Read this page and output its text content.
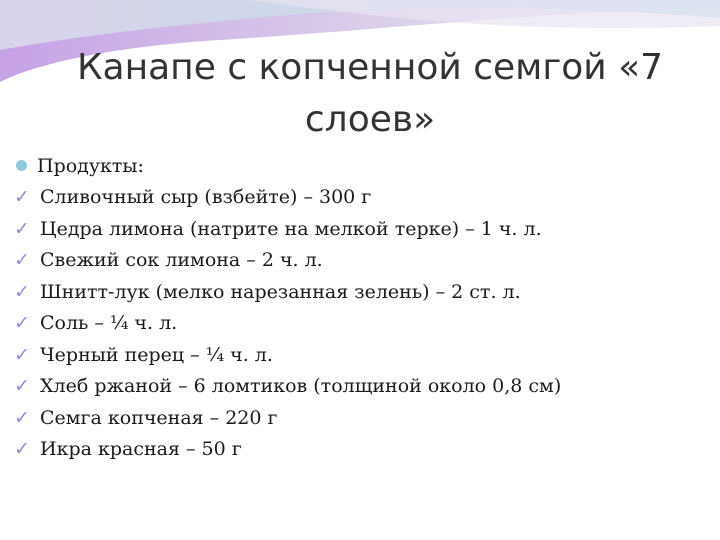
Канапе с копченной семгой «7 слоев»
Продукты:
✓ Сливочный сыр (взбейте) – 300 г
✓ Цедра лимона (натрите на мелкой терке) – 1 ч. л.
✓ Свежий сок лимона – 2 ч. л.
✓ Шнитт-лук (мелко нарезанная зелень) – 2 ст. л.
✓ Соль – ¼ ч. л.
✓ Черный перец – ¼ ч. л.
✓ Хлеб ржаной – 6 ломтиков (толщиной около 0,8 см)
✓ Семга копченая – 220 г
✓ Икра красная – 50 г
